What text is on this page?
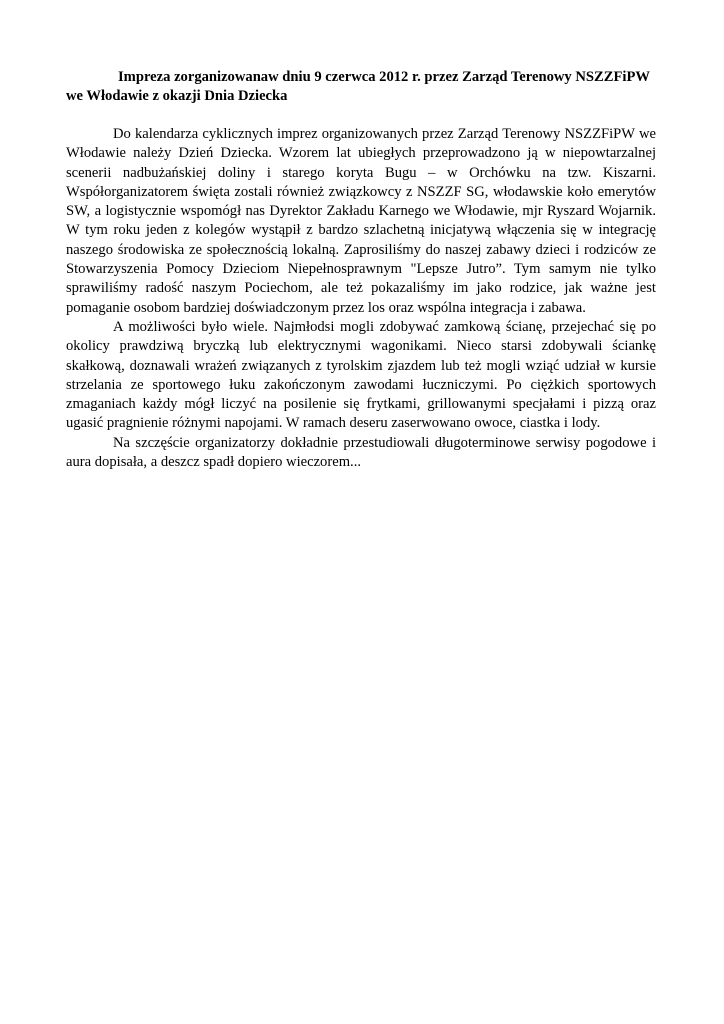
Impreza zorganizowanaw dniu 9 czerwca 2012 r. przez Zarząd Terenowy NSZZFiPW
we Włodawie z okazji Dnia Dziecka

Do kalendarza cyklicznych imprez organizowanych przez Zarząd Terenowy NSZZFiPW we Włodawie należy Dzień Dziecka. Wzorem lat ubiegłych przeprowadzono ją w niepowtarzalnej scenerii nadbużańskiej doliny i starego koryta Bugu – w Orchówku na tzw. Kiszarni. Współorganizatorem święta zostali również związkowcy z NSZZF SG, włodawskie koło emerytów SW, a logistycznie wspomógł nas Dyrektor Zakładu Karnego we Włodawie, mjr Ryszard Wojarnik. W tym roku jeden z kolegów wystąpił z bardzo szlachetną inicjatywą włączenia się w integrację naszego środowiska ze społecznością lokalną. Zaprosiliśmy do naszej zabawy dzieci i rodziców ze Stowarzyszenia Pomocy Dzieciom Niepełnosprawnym "Lepsze Jutro”. Tym samym nie tylko sprawiliśmy radość naszym Pociechom, ale też pokazaliśmy im jako rodzice, jak ważne jest pomaganie osobom bardziej doświadczonym przez los oraz wspólna integracja i zabawa.

A możliwości było wiele. Najmłodsi mogli zdobywać zamkową ścianę, przejechać się po okolicy prawdziwą bryczką lub elektrycznymi wagonikami. Nieco starsi zdobywali ściankę skałkową, doznawali wrażeń związanych z tyrolskim zjazdem lub też mogli wziąć udział w kursie strzelania ze sportowego łuku zakończonym zawodami łuczniczymi. Po ciężkich sportowych zmaganiach każdy mógł liczyć na posilenie się frytkami, grillowanymi specjałami i pizzą oraz ugasić pragnienie różnymi napojami. W ramach deseru zaserwowano owoce, ciastka i lody.

Na szczęście organizatorzy dokładnie przestudiowali długoterminowe serwisy pogodowe i aura dopisała, a deszcz spadł dopiero wieczorem...
